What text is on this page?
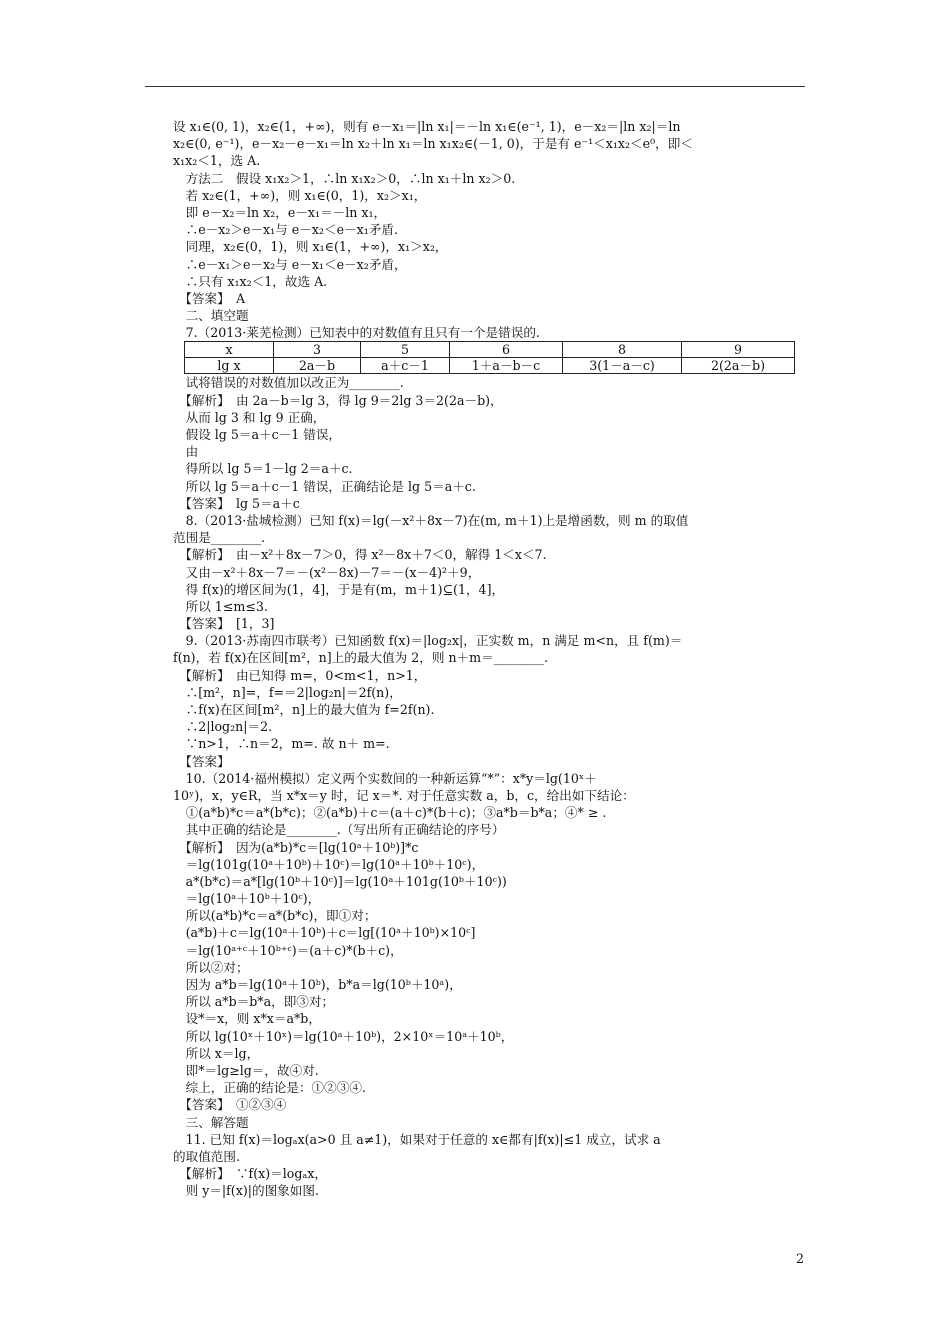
设 x₁∈(0, 1)，x₂∈(1，+∞)，则有 e－x₁＝|ln x₁|＝－ln x₁∈(e⁻¹, 1)，e－x₂＝|ln x₂|＝ln
x₂∈(0, e⁻¹)，e－x₂－e－x₁＝ln x₂＋ln x₁＝ln x₁x₂∈(－1, 0)，于是有 e⁻¹＜x₁x₂＜e⁰，即＜
x₁x₂＜1，选 A.
　方法二　假设 x₁x₂＞1，∴ln x₁x₂＞0，∴ln x₁＋ln x₂＞0.
　若 x₂∈(1，+∞)，则 x₁∈(0，1)，x₂＞x₁，
　即 e－x₂＝ln x₂，e－x₁＝－ln x₁，
　∴e－x₂＞e－x₁与 e－x₂＜e－x₁矛盾.
　同理，x₂∈(0，1)，则 x₁∈(1，+∞)，x₁＞x₂，
　∴e－x₁＞e－x₂与 e－x₁＜e－x₂矛盾，
　∴只有 x₁x₂＜1，故选 A.
　【答案】　A
　二、填空题
　7.（2013·莱芜检测）已知表中的对数值有且只有一个是错误的.
x	3	5	6	8	9
lg x	2a－b	a＋c－1	1＋a－b－c	3(1－a－c)	2(2a－b)
　试将错误的对数值加以改正为________.
　【解析】　由 2a－b＝lg 3，得 lg 9＝2lg 3＝2(2a－b)，
　从而 lg 3 和 lg 9 正确，
　假设 lg 5＝a＋c－1 错误，
　由
　得所以 lg 5＝1－lg 2＝a＋c.
　所以 lg 5＝a＋c－1 错误，正确结论是 lg 5＝a＋c.
　【答案】　lg 5＝a＋c
　8.（2013·盐城检测）已知 f(x)＝lg(－x²＋8x－7)在(m, m＋1)上是增函数，则 m 的取值
范围是________.
　【解析】　由－x²＋8x－7＞0，得 x²－8x＋7＜0，解得 1＜x＜7.
　又由－x²＋8x－7＝－(x²－8x)－7＝－(x－4)²＋9，
　得 f(x)的增区间为(1，4]，于是有(m，m＋1)⊆(1，4]，
　所以 1≤m≤3.
　【答案】　[1，3]
　9.（2013·苏南四市联考）已知函数 f(x)＝|log₂x|，正实数 m，n 满足 m<n，且 f(m)＝
f(n)，若 f(x)在区间[m²，n]上的最大值为 2，则 n＋m＝________.
　【解析】　由已知得 m=，0<m<1，n>1，
　∴[m²，n]=，f=＝2|log₂n|＝2f(n)，
　∴f(x)在区间[m²，n]上的最大值为 f=2f(n).
　∴2|log₂n|＝2.
　∵n>1，∴n＝2，m=. 故 n＋ m=.
　【答案】
　10.（2014·福州模拟）定义两个实数间的一种新运算“*”：x*y＝lg(10ˣ＋
10ʸ)，x，y∈R，当 x*x＝y 时，记 x＝*. 对于任意实数 a，b，c，给出如下结论：
　①(a*b)*c＝a*(b*c)；②(a*b)＋c＝(a＋c)*(b＋c)；③a*b＝b*a；④* ≥ .
　其中正确的结论是________.（写出所有正确结论的序号）
　【解析】　因为(a*b)*c＝[lg(10ᵃ＋10ᵇ)]*c
　＝lg(101g(10ᵃ＋10ᵇ)＋10ᶜ)＝lg(10ᵃ＋10ᵇ＋10ᶜ)，
　a*(b*c)＝a*[lg(10ᵇ＋10ᶜ)]＝lg(10ᵃ＋101g(10ᵇ＋10ᶜ))
　＝lg(10ᵃ＋10ᵇ＋10ᶜ)，
　所以(a*b)*c＝a*(b*c)，即①对；
　(a*b)＋c＝lg(10ᵃ＋10ᵇ)＋c＝lg[(10ᵃ＋10ᵇ)×10ᶜ]
　＝lg(10ᵃ⁺ᶜ＋10ᵇ⁺ᶜ)＝(a＋c)*(b＋c)，
　所以②对；
　因为 a*b＝lg(10ᵃ＋10ᵇ)，b*a＝lg(10ᵇ＋10ᵃ)，
　所以 a*b＝b*a，即③对；
　设*＝x，则 x*x＝a*b，
　所以 lg(10ˣ＋10ˣ)＝lg(10ᵃ＋10ᵇ)，2×10ˣ＝10ᵃ＋10ᵇ，
　所以 x＝lg，
　即*＝lg≥lg＝，故④对.
　综上，正确的结论是：①②③④.
　【答案】　①②③④
　三、解答题
　11. 已知 f(x)＝logₐx(a>0 且 a≠1)，如果对于任意的 x∈都有|f(x)|≤1 成立，试求 a
的取值范围.
　【解析】　∵f(x)＝logₐx，
　则 y＝|f(x)|的图象如图.
2
